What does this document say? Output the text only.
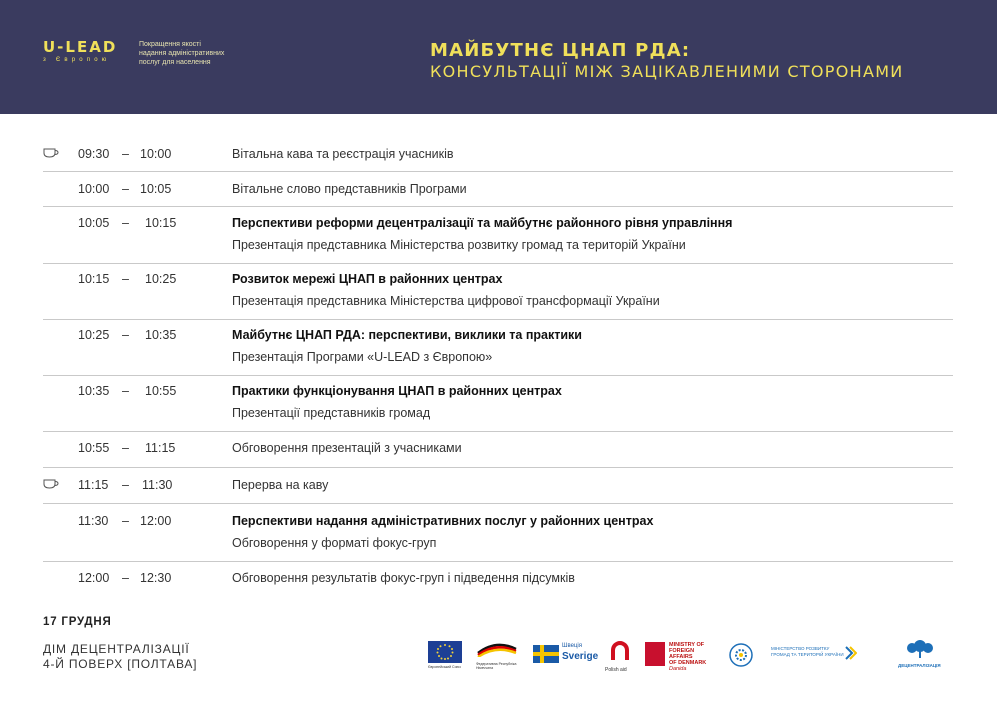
U-LEAD
з Європою
Покращення якості
надання адміністративних
послуг для населення
МАЙБУТНЄ ЦНАП РДА:
КОНСУЛЬТАЦІЇ МІЖ ЗАЦІКАВЛЕНИМИ СТОРОНАМИ
09:30 – 10:00	Вітальна кава та реєстрація учасників
10:00 – 10:05	Вітальне слово представників Програми
10:05 – 10:15	Перспективи реформи децентралізації та майбутнє районного рівня управління
Презентація представника Міністерства розвитку громад та територій України
10:15 – 10:25	Розвиток мережі ЦНАП в районних центрах
Презентація представника Міністерства цифрової трансформації України
10:25 – 10:35	Майбутнє ЦНАП РДА: перспективи, виклики та практики
Презентація Програми «U-LEAD з Європою»
10:35 – 10:55	Практики функціонування ЦНАП в районних центрах
Презентації представників громад
10:55 – 11:15	Обговорення презентацій з учасниками
11:15 – 11:30	Перерва на каву
11:30 – 12:00	Перспективи надання адміністративних послуг у районних центрах
Обговорення у форматі фокус-груп
12:00 – 12:30	Обговорення результатів фокус-груп і підведення підсумків
17 ГРУДНЯ
ДІМ ДЕЦЕНТРАЛІЗАЦІЇ
4-Й ПОВЕРХ [ПОЛТАВА]	Європейський Союз
Федеративна Республіка Німеччина
Швеція
Sverige
Polish aid
MINISTRY OF
FOREIGN AFFAIRS
OF DENMARK
Danida
МІНІСТЕРСТВО РОЗВИТКУ
ГРОМАД ТА ТЕРИТОРІЙ УКРАЇНИ
ДЕЦЕНТРАЛІЗАЦІЯ
